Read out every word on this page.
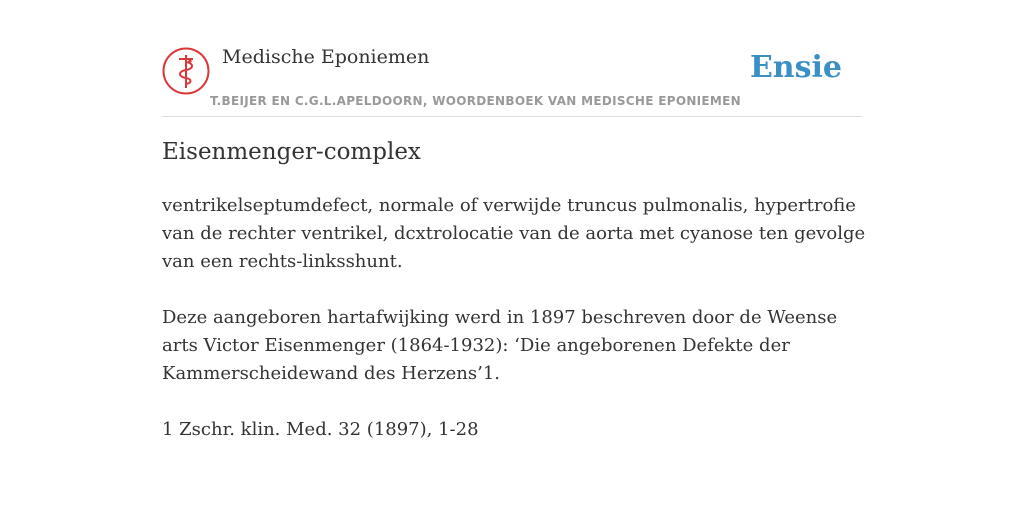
Medische Eponiemen
T.BEIJER EN C.G.L.APELDOORN, WOORDENBOEK VAN MEDISCHE EPONIEMEN
Ensie
Eisenmenger-complex

ventrikelseptumdefect, normale of verwijde truncus pulmonalis, hypertrofie van de rechter ventrikel, dcxtrolocatie van de aorta met cyanose ten gevolge van een rechts-linksshunt.

Deze aangeboren hartafwijking werd in 1897 beschreven door de Weense arts Victor Eisenmenger (1864-1932): ‘Die angeborenen Defekte der Kammerscheidewand des Herzens’1.

1 Zschr. klin. Med. 32 (1897), 1-28
